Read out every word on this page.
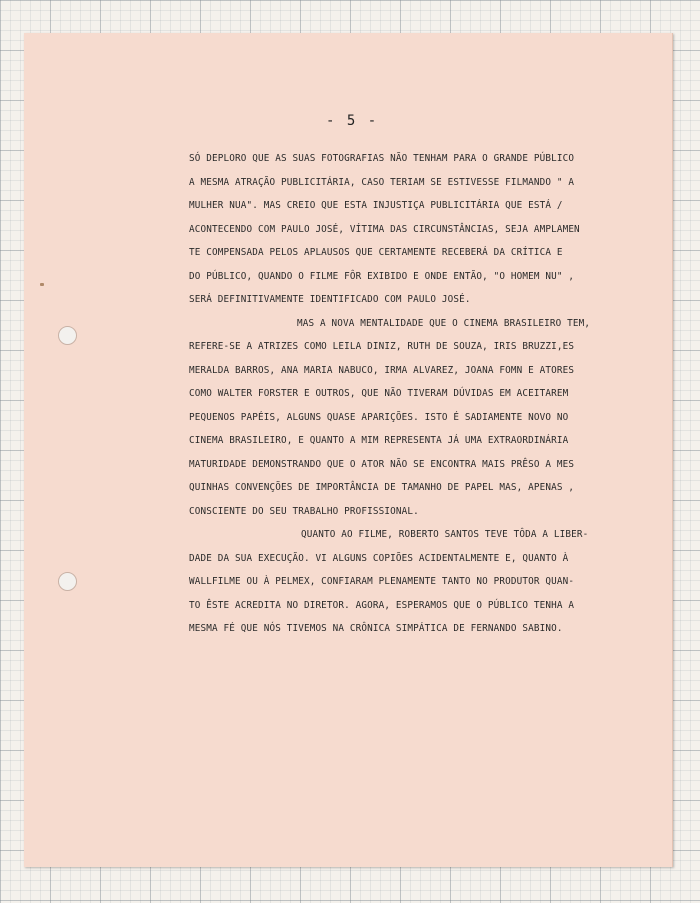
- 5 -
SÓ DEPLORO QUE AS SUAS FOTOGRAFIAS NÃO TENHAM PARA O GRANDE PÚBLICO
A MESMA ATRAÇÃO PUBLICITÁRIA, CASO TERIAM SE ESTIVESSE FILMANDO " A
MULHER NUA". MAS CREIO QUE ESTA INJUSTIÇA PUBLICITÁRIA QUE ESTÁ /
ACONTECENDO COM PAULO JOSÉ, VÍTIMA DAS CIRCUNSTÂNCIAS, SEJA AMPLAMEN
TE COMPENSADA PELOS APLAUSOS QUE CERTAMENTE RECEBERÁ DA CRÍTICA E
DO PÚBLICO, QUANDO O FILME FÔR EXIBIDO E ONDE ENTÃO, "O HOMEM NU" ,
SERÁ DEFINITIVAMENTE IDENTIFICADO COM PAULO JOSÉ.
MAS A NOVA MENTALIDADE QUE O CINEMA BRASILEIRO TEM,
REFERE-SE A ATRIZES COMO LEILA DINIZ, RUTH DE SOUZA, IRIS BRUZZI,ES
MERALDA BARROS, ANA MARIA NABUCO, IRMA ALVAREZ, JOANA FOMN E ATORES
COMO WALTER FORSTER E OUTROS, QUE NÃO TIVERAM DÚVIDAS EM ACEITAREM
PEQUENOS PAPÉIS, ALGUNS QUASE APARIÇÕES. ISTO É SADIAMENTE NOVO NO
CINEMA BRASILEIRO, E QUANTO A MIM REPRESENTA JÁ UMA EXTRAORDINÁRIA
MATURIDADE DEMONSTRANDO QUE O ATOR NÃO SE ENCONTRA MAIS PRÊSO A MES
QUINHAS CONVENÇÕES DE IMPORTÂNCIA DE TAMANHO DE PAPEL MAS, APENAS ,
CONSCIENTE DO SEU TRABALHO PROFISSIONAL.
QUANTO AO FILME, ROBERTO SANTOS TEVE TÔDA A LIBER-
DADE DA SUA EXECUÇÃO. VI ALGUNS COPIÕES ACIDENTALMENTE E, QUANTO À
WALLFILME OU À PELMEX, CONFIARAM PLENAMENTE TANTO NO PRODUTOR QUAN-
TO ÊSTE ACREDITA NO DIRETOR. AGORA, ESPERAMOS QUE O PÚBLICO TENHA A
MESMA FÉ QUE NÓS TIVEMOS NA CRÔNICA SIMPÁTICA DE FERNANDO SABINO.
